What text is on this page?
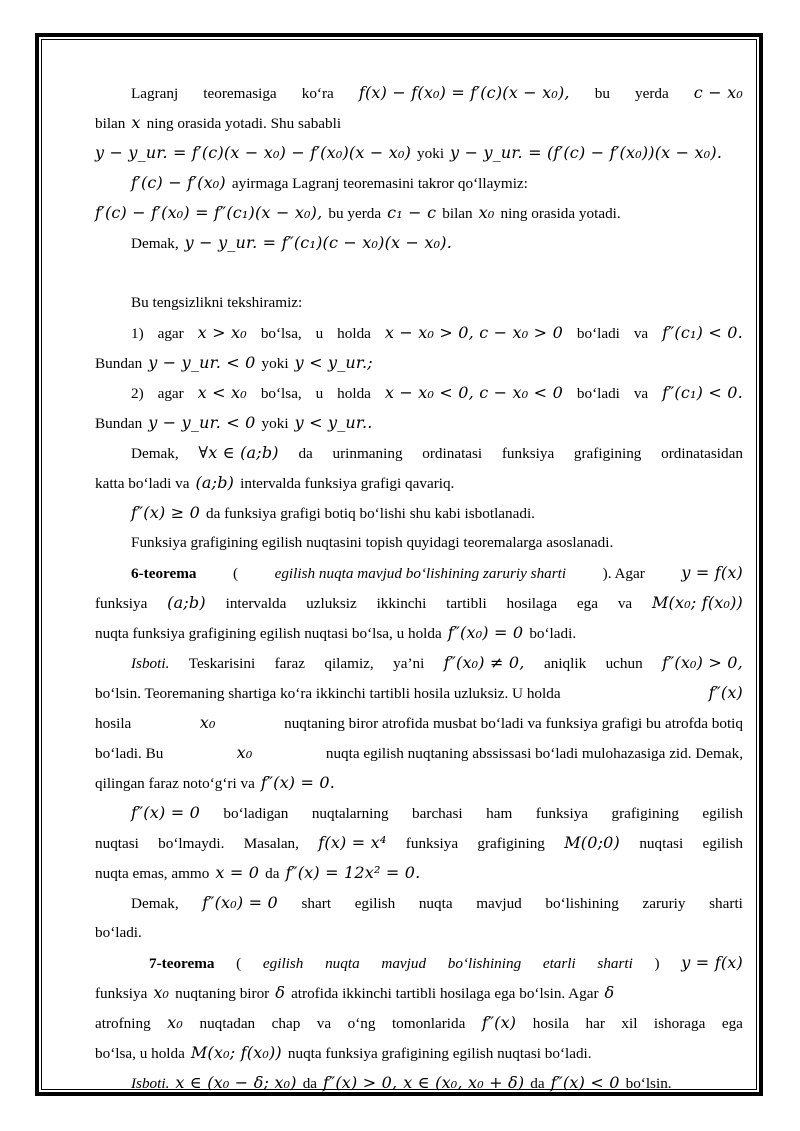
Lagranj teoremasiga ko‘ra f(x) − f(x₀) = f′(c)(x − x₀), bu yerda c − x₀
bilan x ning orasida yotadi. Shu sababli
y − y_ur. = f′(c)(x − x₀) − f′(x₀)(x − x₀) yoki y − y_ur. = (f′(c) − f′(x₀))(x − x₀).
f′(c) − f′(x₀) ayirmaga Lagranj teoremasini takror qo‘llaymiz:
f′(c) − f′(x₀) = f″(c₁)(x − x₀), bu yerda c₁ − c bilan x₀ ning orasida yotadi.
Demak, y − y_ur. = f″(c₁)(c − x₀)(x − x₀).
Bu tengsizlikni tekshiramiz:
1) agar x > x₀ bo‘lsa, u holda x − x₀ > 0, c − x₀ > 0 bo‘ladi va f″(c₁) < 0.
Bundan y − y_ur. < 0 yoki y < y_ur.;
2) agar x < x₀ bo‘lsa, u holda x − x₀ < 0, c − x₀ < 0 bo‘ladi va f″(c₁) < 0.
Bundan y − y_ur. < 0 yoki y < y_ur..
Demak, ∀x ∈ (a;b) da urinmaning ordinatasi funksiya grafigining ordinatasidan
katta bo‘ladi va (a;b) intervalda funksiya grafigi qavariq.
f″(x) ≥ 0 da funksiya grafigi botiq bo‘lishi shu kabi isbotlanadi.
Funksiya grafigining egilish nuqtasini topish quyidagi teoremalarga asoslanadi.
6-teorema ( egilish nuqta mavjud bo‘lishining zaruriy sharti ). Agar y = f(x)
funksiya (a;b) intervalda uzluksiz ikkinchi tartibli hosilaga ega va M(x₀; f(x₀))
nuqta funksiya grafigining egilish nuqtasi bo‘lsa, u holda f″(x₀) = 0 bo‘ladi.
Isboti. Teskarisini faraz qilamiz, ya’ni f″(x₀) ≠ 0, aniqlik uchun f″(x₀) > 0,
bo‘lsin. Teoremaning shartiga ko‘ra ikkinchi tartibli hosila uzluksiz. U holda	f″(x)
hosila	x₀	nuqtaning biror atrofida musbat bo‘ladi va funksiya grafigi bu atrofda botiq
bo‘ladi. Bu	x₀	nuqta egilish nuqtaning abssissasi bo‘ladi mulohazasiga zid. Demak,
qilingan faraz noto‘g‘ri va f″(x) = 0.
f″(x) = 0 bo‘ladigan nuqtalarning barchasi ham funksiya grafigining egilish
nuqtasi bo‘lmaydi. Masalan, f(x) = x⁴ funksiya grafigining M(0;0) nuqtasi egilish
nuqta emas, ammo x = 0 da f″(x) = 12x² = 0.
Demak, f″(x₀) = 0 shart egilish nuqta mavjud bo‘lishining zaruriy sharti
bo‘ladi.
7-teorema ( egilish nuqta mavjud bo‘lishining etarli sharti ) y = f(x)
funksiya x₀ nuqtaning biror δ atrofida ikkinchi tartibli hosilaga ega bo‘lsin. Agar δ
atrofning x₀ nuqtadan chap va o‘ng tomonlarida f″(x) hosila har xil ishoraga ega
bo‘lsa, u holda M(x₀; f(x₀)) nuqta funksiya grafigining egilish nuqtasi bo‘ladi.
Isboti. x ∈ (x₀ − δ; x₀) da f″(x) > 0, x ∈ (x₀, x₀ + δ) da f″(x) < 0 bo‘lsin.
